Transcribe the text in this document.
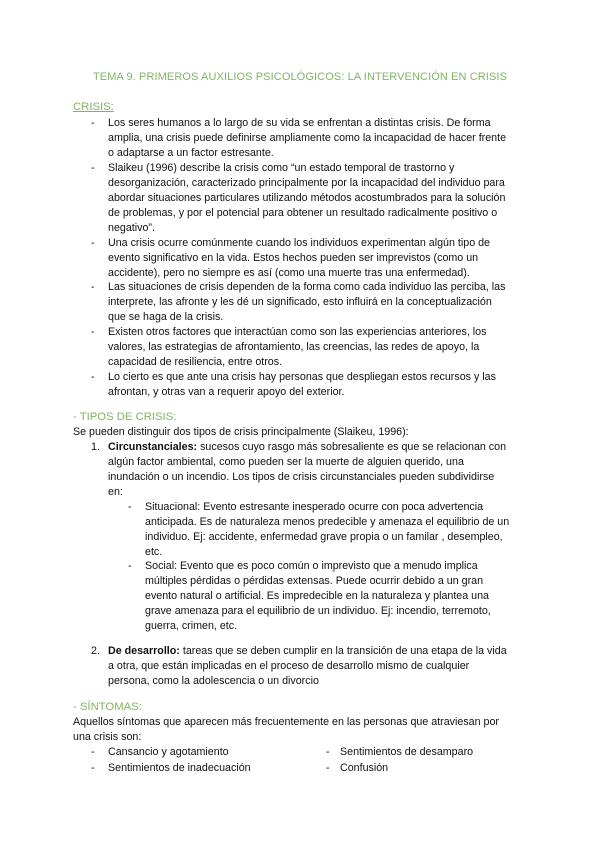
TEMA 9. PRIMEROS AUXILIOS PSICOLÓGICOS: LA INTERVENCIÓN EN CRISIS
CRISIS:
- Los seres humanos a lo largo de su vida se enfrentan a distintas crisis. De forma
amplia, una crisis puede definirse ampliamente como la incapacidad de hacer frente
o adaptarse a un factor estresante.
- Slaikeu (1996) describe la crisis como “un estado temporal de trastorno y
desorganización, caracterizado principalmente por la incapacidad del individuo para
abordar situaciones particulares utilizando métodos acostumbrados para la solución
de problemas, y por el potencial para obtener un resultado radicalmente positivo o
negativo”.
- Una crisis ocurre comúnmente cuando los individuos experimentan algún tipo de
evento significativo en la vida. Estos hechos pueden ser imprevistos (como un
accidente), pero no siempre es así (como una muerte tras una enfermedad).
- Las situaciones de crisis dependen de la forma como cada individuo las perciba, las
interprete, las afronte y les dé un significado, esto influirá en la conceptualización
que se haga de la crisis.
- Existen otros factores que interactúan como son las experiencias anteriores, los
valores, las estrategias de afrontamiento, las creencias, las redes de apoyo, la
capacidad de resiliencia, entre otros.
- Lo cierto es que ante una crisis hay personas que despliegan estos recursos y las
afrontan, y otras van a requerir apoyo del exterior.
- TIPOS DE CRISIS:
Se pueden distinguir dos tipos de crisis principalmente (Slaikeu, 1996):
1. Circunstanciales: sucesos cuyo rasgo más sobresaliente es que se relacionan con
algún factor ambiental, como pueden ser la muerte de alguien querido, una
inundación o un incendio. Los tipos de crisis circunstanciales pueden subdividirse
en:
- Situacional: Evento estresante inesperado ocurre con poca advertencia
anticipada. Es de naturaleza menos predecible y amenaza el equilibrio de un
individuo. Ej: accidente, enfermedad grave propia o un familar , desempleo,
etc.
- Social: Evento que es poco común o imprevisto que a menudo implica
múltiples pérdidas o pérdidas extensas. Puede ocurrir debido a un gran
evento natural o artificial. Es impredecible en la naturaleza y plantea una
grave amenaza para el equilibrio de un individuo. Ej: incendio, terremoto,
guerra, crimen, etc.
2. De desarrollo: tareas que se deben cumplir en la transición de una etapa de la vida
a otra, que están implicadas en el proceso de desarrollo mismo de cualquier
persona, como la adolescencia o un divorcio
- SÍNTOMAS:
Aquellos síntomas que aparecen más frecuentemente en las personas que atraviesan por
una crisis son:
- Cansancio y agotamiento	- Sentimientos de desamparo
- Sentimientos de inadecuación	- Confusión
